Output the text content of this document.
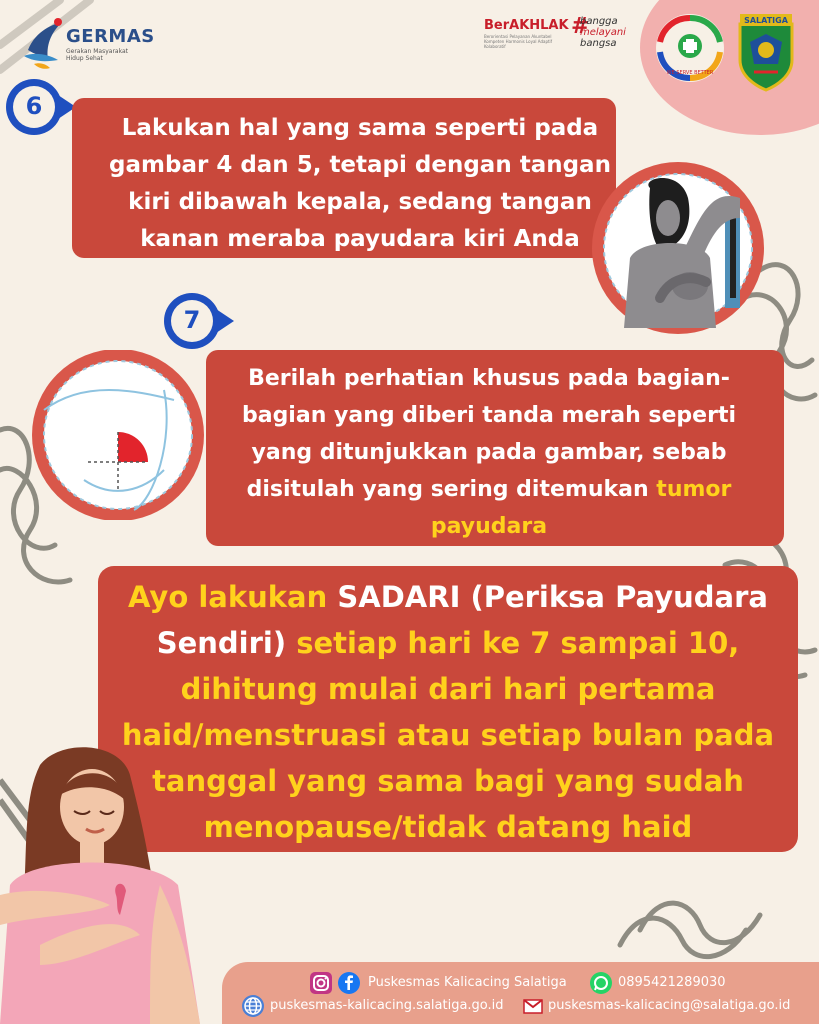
GERMAS
Gerakan Masyarakat Hidup Sehat
BerAKHLAK
Berorientasi Pelayanan Akuntabel Kompeten Harmonis Loyal Adaptif Kolaboratif
#
bangga
melayani
bangsa
WE SERVE BETTER
SALATIGA
6
Lakukan hal yang sama seperti pada
gambar 4 dan 5, tetapi dengan tangan
kiri dibawah kepala, sedang tangan
kanan meraba payudara kiri Anda
7
Berilah perhatian khusus pada bagian-
bagian yang diberi tanda merah seperti
yang ditunjukkan pada gambar, sebab
disitulah yang sering ditemukan tumor
payudara
Ayo lakukan SADARI (Periksa Payudara
Sendiri) setiap hari ke 7 sampai 10,
dihitung mulai dari hari pertama
haid/menstruasi atau setiap bulan pada
tanggal yang sama bagi yang sudah
menopause/tidak datang haid
Puskesmas Kalicacing Salatiga	0895421289030
puskesmas-kalicacing.salatiga.go.id	puskesmas-kalicacing@salatiga.go.id
